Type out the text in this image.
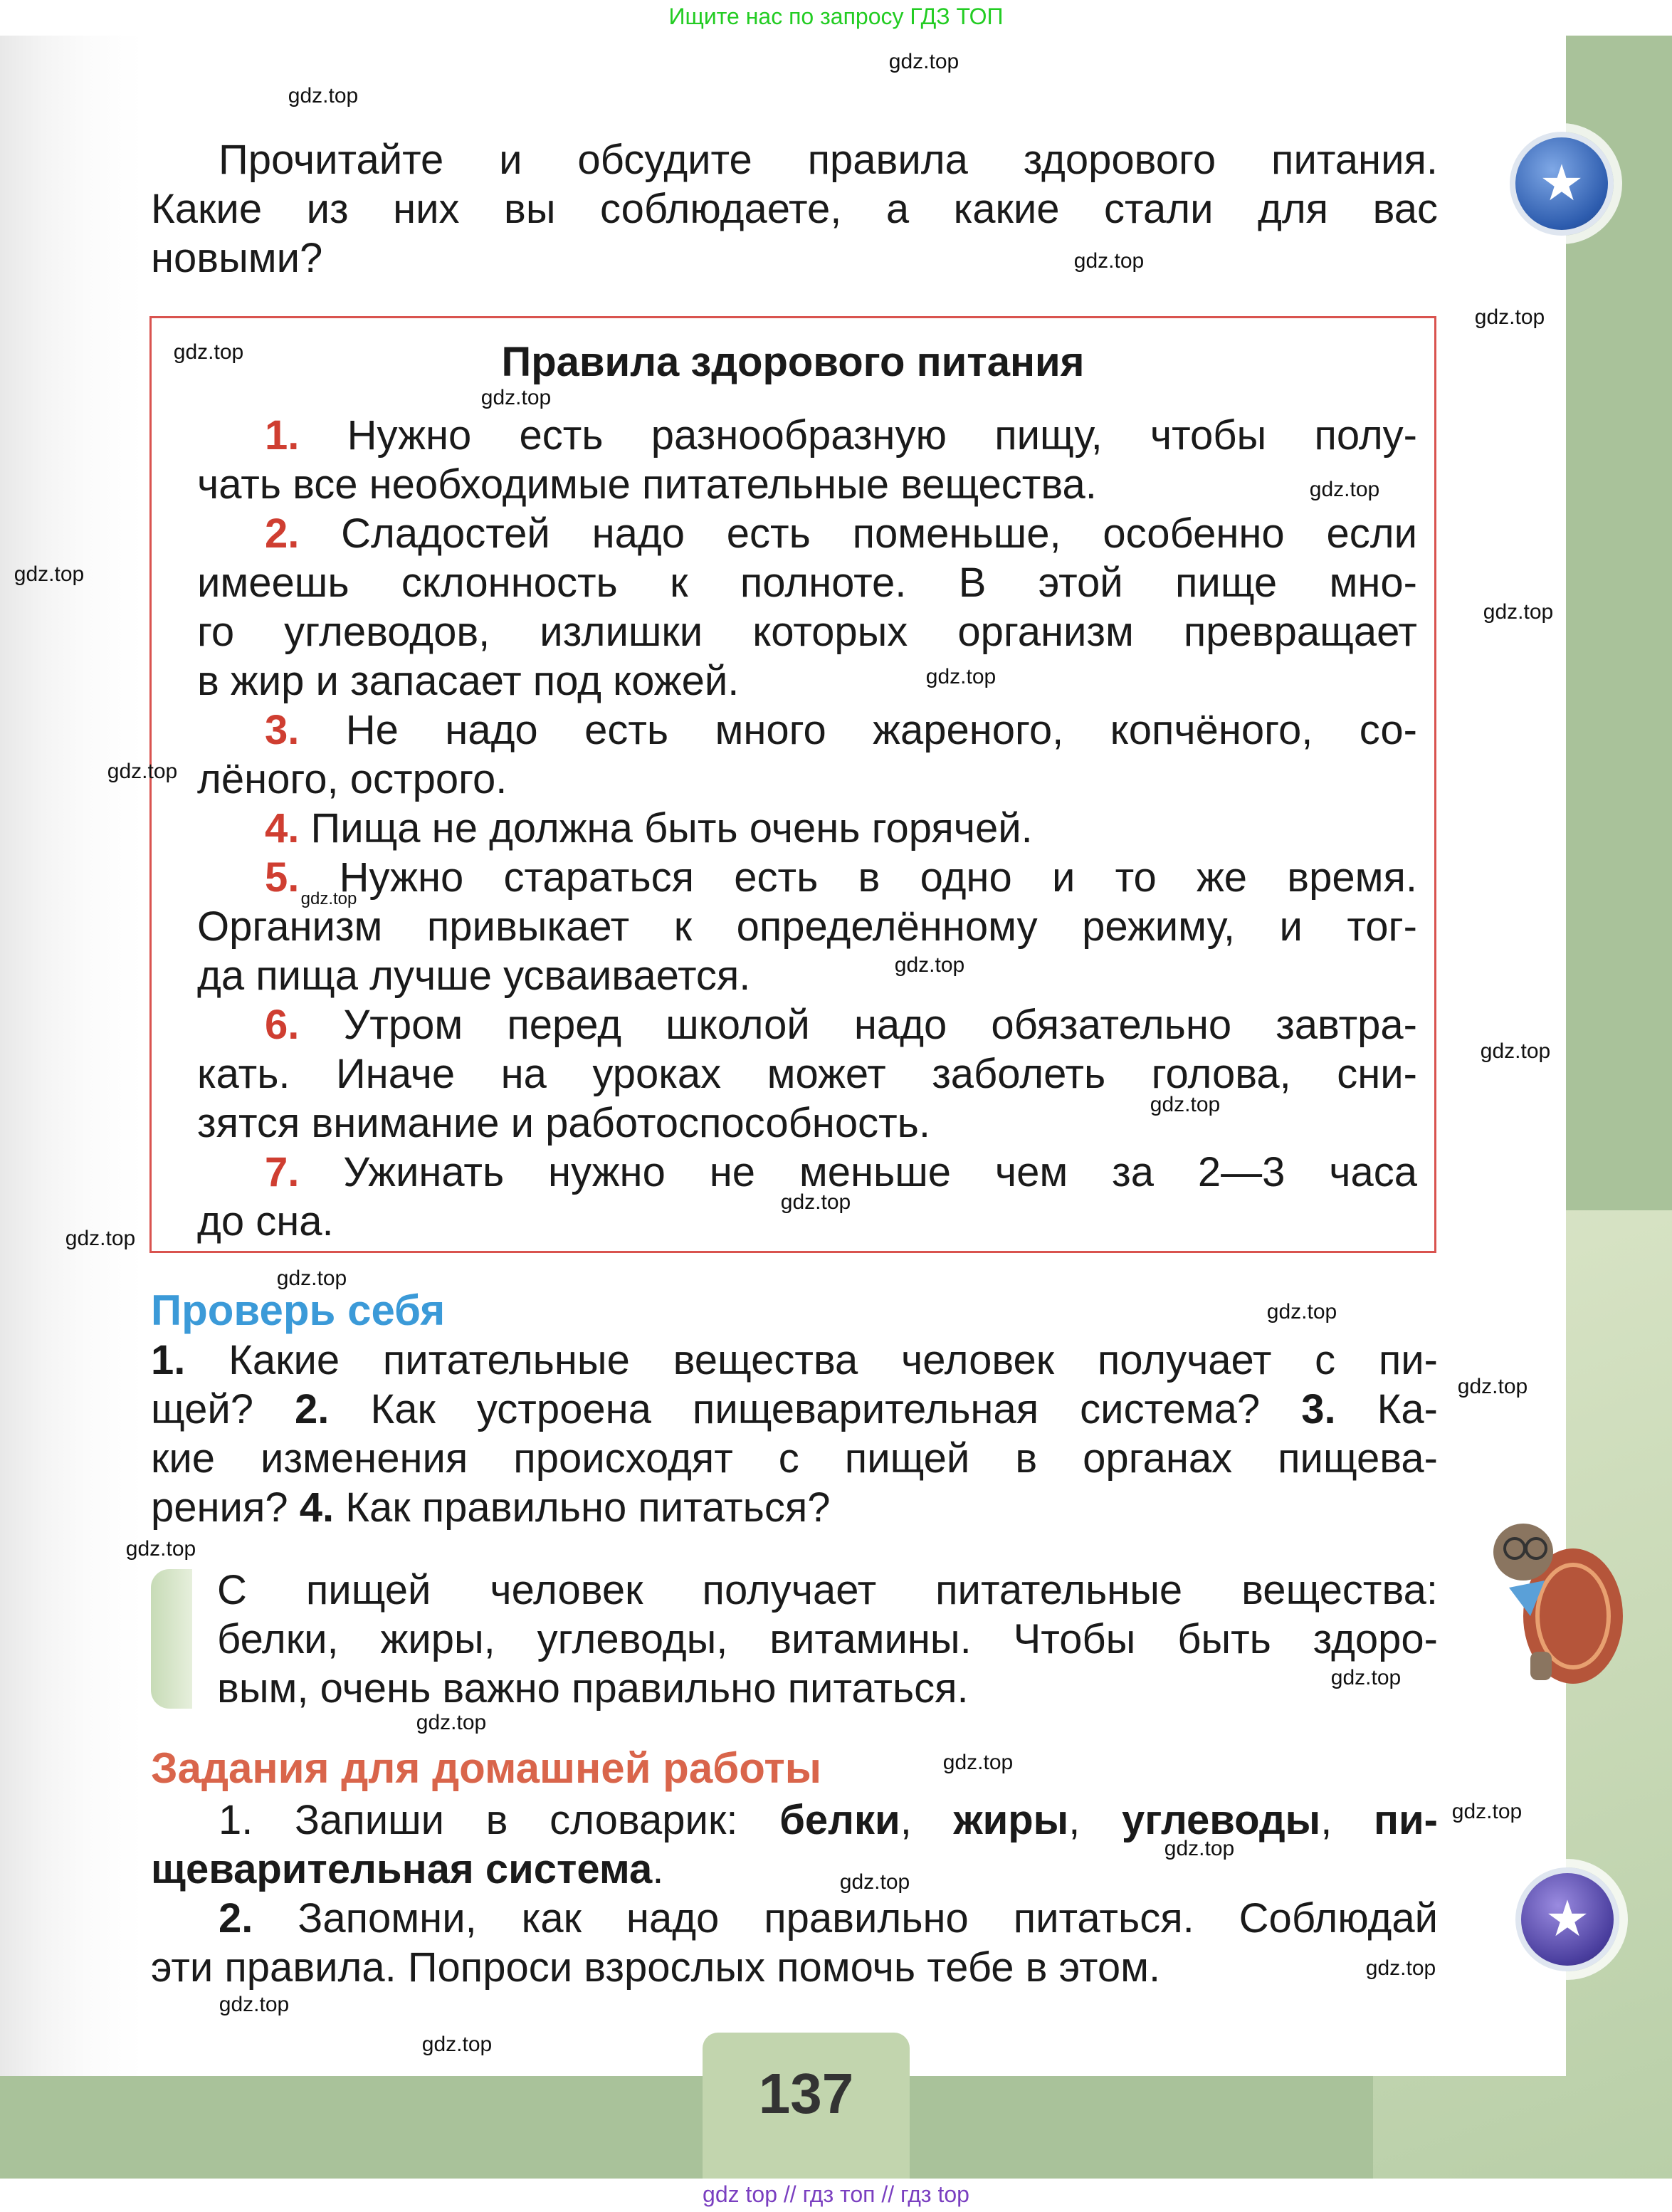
Ищите нас по запросу ГДЗ ТОП
Прочитайте и обсудите правила здорового питания.
Какие из них вы соблюдаете, а какие стали для вас
новыми?
Правила здорового питания
1. Нужно есть разнообразную пищу, чтобы полу-
чать все необходимые питательные вещества.
2. Сладостей надо есть поменьше, особенно если
имеешь склонность к полноте. В этой пище мно-
го углеводов, излишки которых организм превращает
в жир и запасает под кожей.
3. Не надо есть много жареного, копчёного, со-
лёного, острого.
4. Пища не должна быть очень горячей.
5. Нужно стараться есть в одно и то же время.
Организм привыкает к определённому режиму, и тог-
да пища лучше усваивается.
6. Утром перед школой надо обязательно завтра-
кать. Иначе на уроках может заболеть голова, сни-
зятся внимание и работоспособность.
7. Ужинать нужно не меньше чем за 2—3 часа
до сна.
Проверь себя
1. Какие питательные вещества человек получает с пи-
щей? 2. Как устроена пищеварительная система? 3. Ка-
кие изменения происходят с пищей в органах пищева-
рения? 4. Как правильно питаться?
С пищей человек получает питательные вещества:
белки, жиры, углеводы, витамины. Чтобы быть здоро-
вым, очень важно правильно питаться.
Задания для домашней работы
1. Запиши в словарик: белки, жиры, углеводы, пи-
щеварительная система.
2. Запомни, как надо правильно питаться. Соблюдай
эти правила. Попроси взрослых помочь тебе в этом.
137
★
★
gdz top // гдз топ // гдз top
gdz.top
gdz.top
gdz.top
gdz.top
gdz.top
gdz.top
gdz.top
gdz.top
gdz.top
gdz.top
gdz.top
gdz.top
gdz.top
gdz.top
gdz.top
gdz.top
gdz.top
gdz.top
gdz.top
gdz.top
gdz.top
gdz.top
gdz.top
gdz.top
gdz.top
gdz.top
gdz.top
gdz.top
gdz.top
gdz.top
